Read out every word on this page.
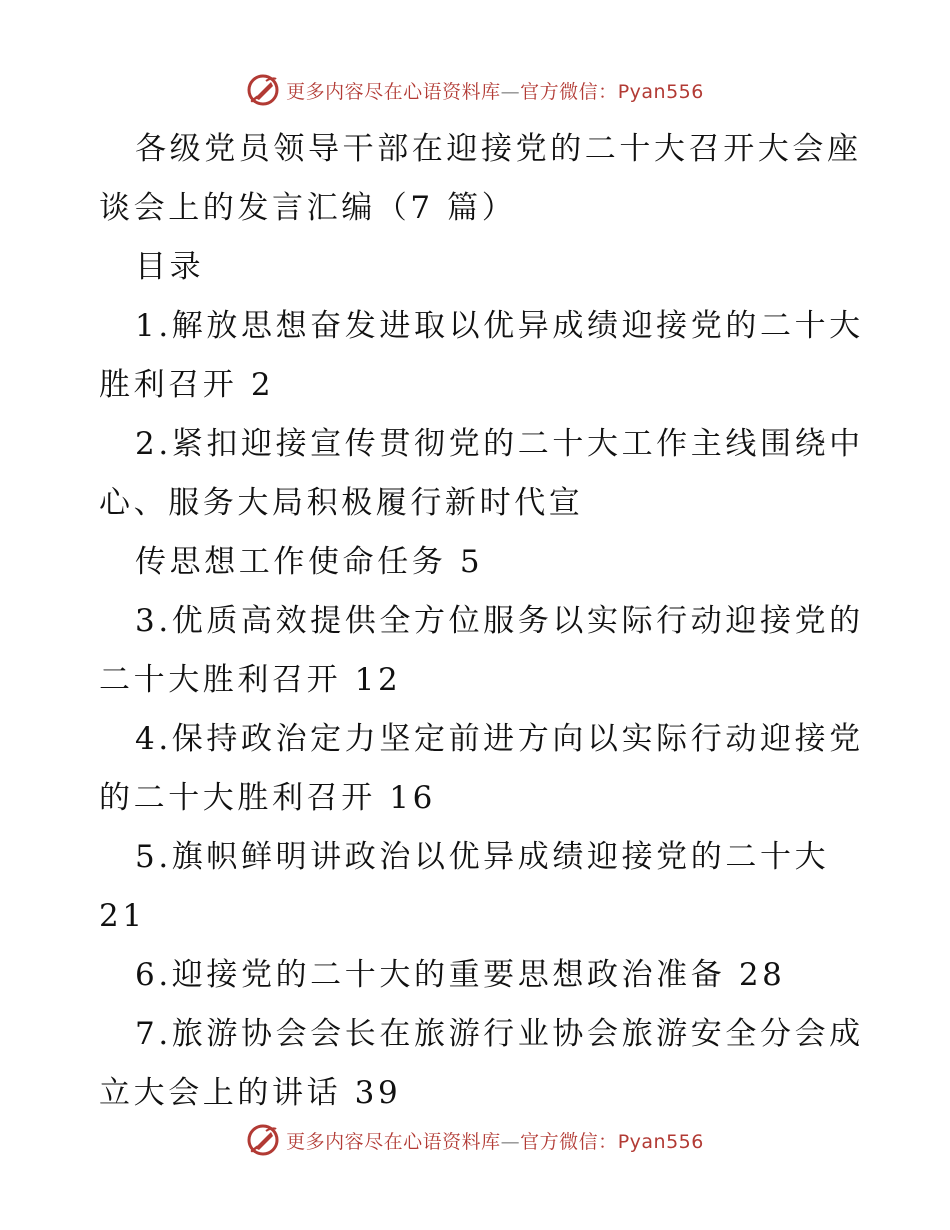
更多内容尽在心语资料库—官方微信：Pyan556
各级党员领导干部在迎接党的二十大召开大会座
谈会上的发言汇编（7 篇）
目录
1.解放思想奋发进取以优异成绩迎接党的二十大
胜利召开 2
2.紧扣迎接宣传贯彻党的二十大工作主线围绕中
心、服务大局积极履行新时代宣
传思想工作使命任务 5
3.优质高效提供全方位服务以实际行动迎接党的
二十大胜利召开 12
4.保持政治定力坚定前进方向以实际行动迎接党
的二十大胜利召开 16
5.旗帜鲜明讲政治以优异成绩迎接党的二十大
21
6.迎接党的二十大的重要思想政治准备 28
7.旅游协会会长在旅游行业协会旅游安全分会成
立大会上的讲话 39
更多内容尽在心语资料库—官方微信：Pyan556
